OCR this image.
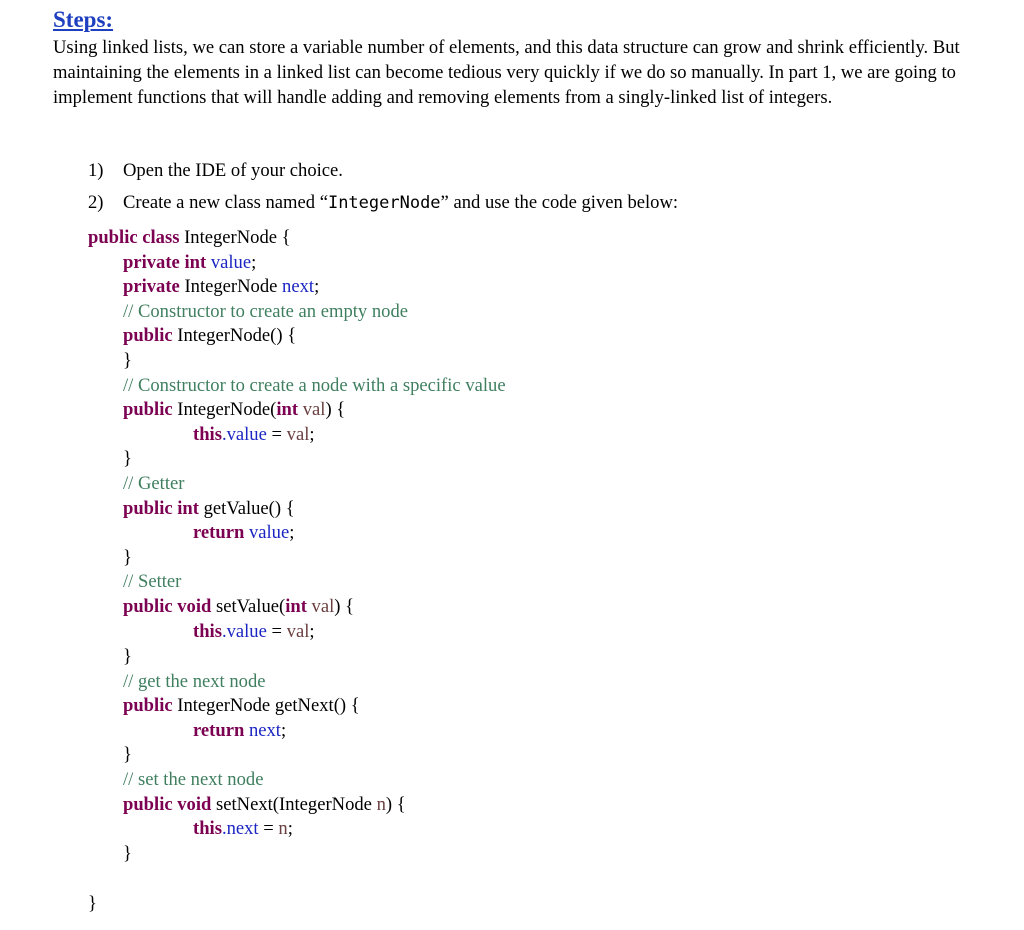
Steps:
Using linked lists, we can store a variable number of elements, and this data structure can grow and shrink efficiently. But maintaining the elements in a linked list can become tedious very quickly if we do so manually. In part 1, we are going to implement functions that will handle adding and removing elements from a singly-linked list of integers.
1) Open the IDE of your choice.
2) Create a new class named “IntegerNode” and use the code given below:
public class IntegerNode {
private int value;
private IntegerNode next;
// Constructor to create an empty node
public IntegerNode() {
}
// Constructor to create a node with a specific value
public IntegerNode(int val) {
this.value = val;
}
// Getter
public int getValue() {
return value;
}
// Setter
public void setValue(int val) {
this.value = val;
}
// get the next node
public IntegerNode getNext() {
return next;
}
// set the next node
public void setNext(IntegerNode n) {
this.next = n;
}
}
